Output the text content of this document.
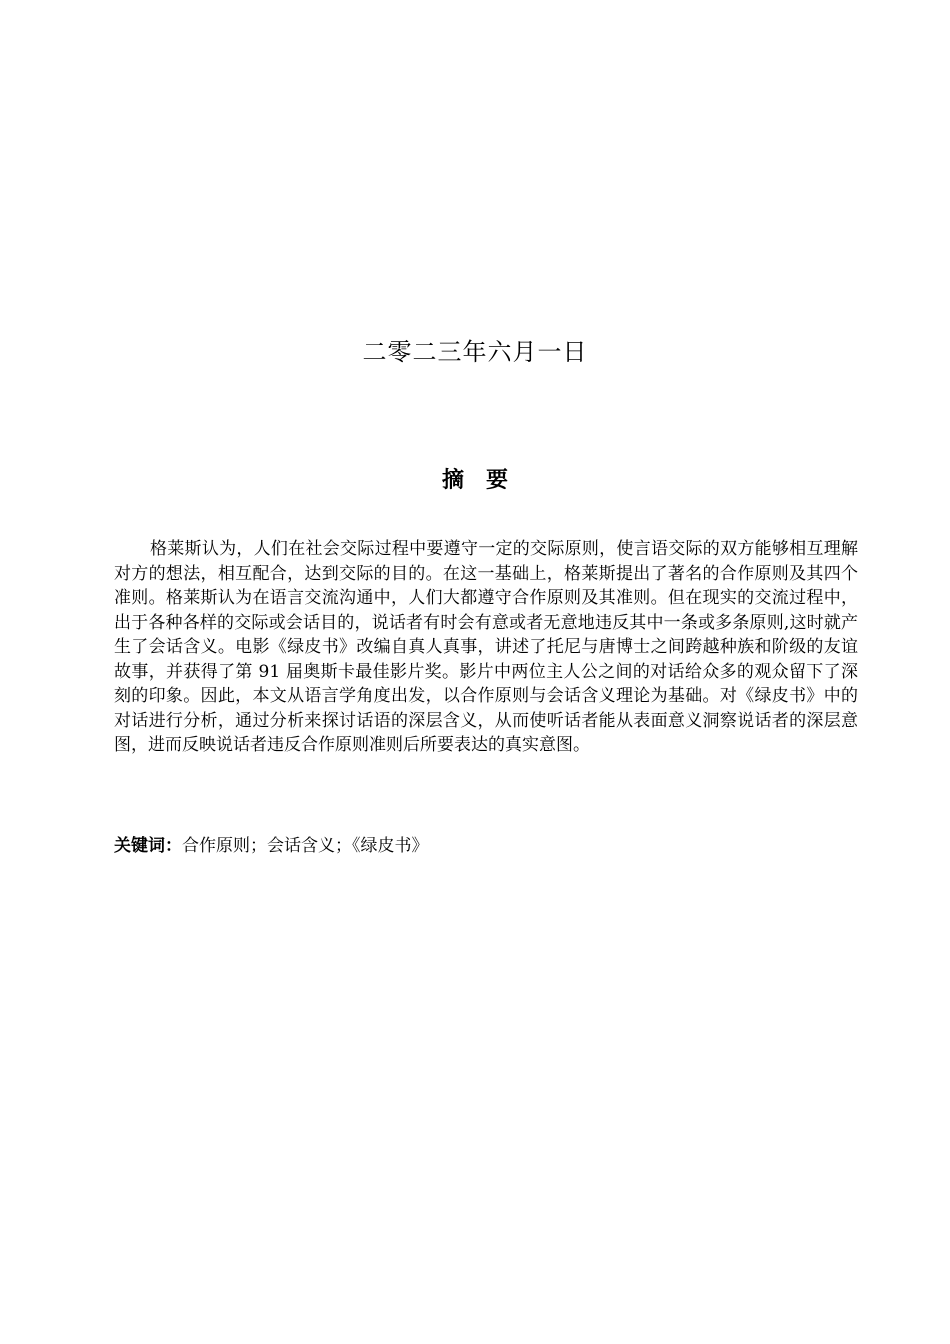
二零二三年六月一日
摘 要

格莱斯认为，人们在社会交际过程中要遵守一定的交际原则，使言语交际的双方能够相互理解对方的想法，相互配合，达到交际的目的。在这一基础上，格莱斯提出了著名的合作原则及其四个准则。格莱斯认为在语言交流沟通中，人们大都遵守合作原则及其准则。但在现实的交流过程中，出于各种各样的交际或会话目的，说话者有时会有意或者无意地违反其中一条或多条原则,这时就产生了会话含义。电影《绿皮书》改编自真人真事，讲述了托尼与唐博士之间跨越种族和阶级的友谊故事，并获得了第 91 届奥斯卡最佳影片奖。影片中两位主人公之间的对话给众多的观众留下了深刻的印象。因此，本文从语言学角度出发，以合作原则与会话含义理论为基础。对《绿皮书》中的对话进行分析，通过分析来探讨话语的深层含义，从而使听话者能从表面意义洞察说话者的深层意图，进而反映说话者违反合作原则准则后所要表达的真实意图。

关键词：合作原则；会话含义；《绿皮书》
